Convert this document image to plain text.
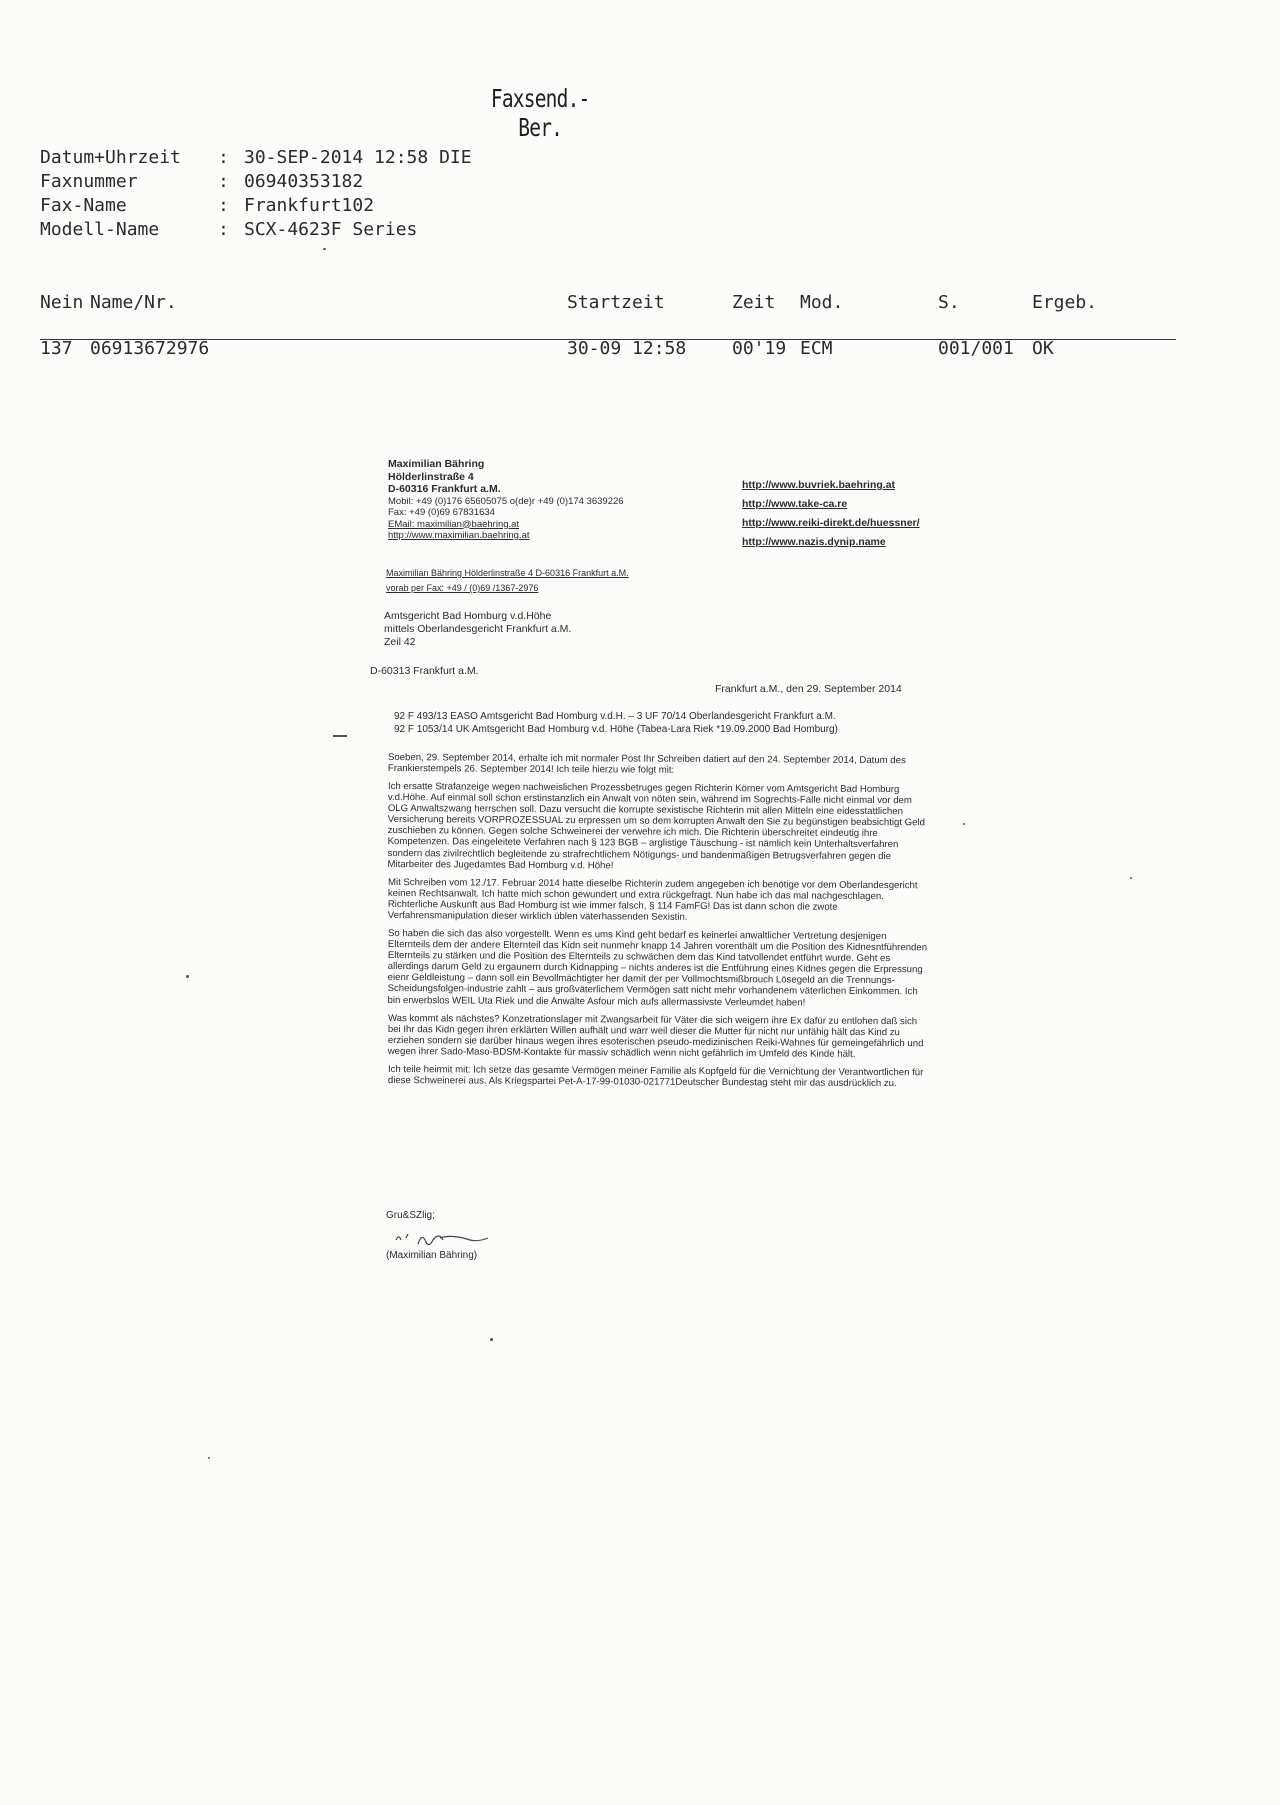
Faxsend.-Ber.
Datum+Uhrzeit	: 30-SEP-2014 12:58 DIE
Faxnummer	: 06940353182
Fax-Name	: Frankfurt102
Modell-Name	: SCX-4623F Series
Nein Name/Nr.	Startzeit	Zeit Mod.	S.	Ergeb.
137 06913672976	30-09 12:58	00'19 ECM	001/001 OK
Maximilian Bähring
Hölderlinstraße 4
D-60316 Frankfurt a.M.
Mobil: +49 (0)176 65605075 o(de)r +49 (0)174 3639226
Fax: +49 (0)69 67831634
EMail: maximilian@baehring.at
http://www.maximilian.baehring.at
http://www.buvriek.baehring.at
http://www.take-ca.re
http://www.reiki-direkt.de/huessner/
http://www.nazis.dynip.name
Maximilian Bähring Hölderlinstraße 4 D-60316 Frankfurt a.M.
vorab per Fax: +49 / (0)69 /1367-2976
Amtsgericht Bad Homburg v.d.Höhe
mittels Oberlandesgericht Frankfurt a.M.
Zeil 42
D-60313 Frankfurt a.M.
Frankfurt a.M., den 29. September 2014
92 F 493/13 EASO Amtsgericht Bad Homburg v.d.H. – 3 UF 70/14 Oberlandesgericht Frankfurt a.M.
92 F 1053/14 UK Amtsgericht Bad Homburg v.d. Höhe (Tabea-Lara Riek *19.09.2000 Bad Homburg)

Soeben, 29. September 2014, erhalte ich mit normaler Post Ihr Schreiben datiert auf den 24. September 2014, Datum des Frankierstempels 26. September 2014! Ich teile hierzu wie folgt mit:

Ich ersatte Strafanzeige wegen nachweislichen Prozessbetruges gegen Richterin Körner vom Amtsgericht Bad Homburg v.d.Höhe. Auf einmal soll schon erstinstanzlich ein Anwalt von nöten sein, während im Sogrechts-Falle nicht einmal vor dem OLG Anwaltszwang herrschen soll. Dazu versucht die korrupte sexistische Richterin mit allen Mitteln eine eidesstattlichen Versicherung bereits VORPROZESSUAL zu erpressen um so dem korrupten Anwalt den Sie zu begünstigen beabsichtigt Geld zuschieben zu können. Gegen solche Schweinerei der verwehre ich mich. Die Richterin überschreitet eindeutig ihre Kompetenzen. Das eingeleitete Verfahren nach § 123 BGB – arglistige Täuschung - ist nämlich kein Unterhaltsverfahren sondern das zivilrechtlich begleitende zu strafrechtlichem Nötigungs- und bandenmäßigen Betrugsverfahren gegen die Mitarbeiter des Jugedamtes Bad Homburg v.d. Höhe!

Mit Schreiben vom 12./17. Februar 2014 hatte dieselbe Richterin zudem angegeben ich benötige vor dem Oberlandesgericht keinen Rechtsanwalt. Ich hatte mich schon gewundert und extra rückgefragt. Nun habe ich das mal nachgeschlagen. Richterliche Auskunft aus Bad Homburg ist wie immer falsch, § 114 FamFG! Das ist dann schon die zwote Verfahrensmanipulation dieser wirklich üblen väterhassenden Sexistin.

So haben die sich das also vorgestellt. Wenn es ums Kind geht bedarf es keinerlei anwaltlicher Vertretung desjenigen Elternteils dem der andere Elternteil das Kidn seit nunmehr knapp 14 Jahren vorenthält um die Position des Kidnesntführenden Elternteils zu stärken und die Position des Elternteils zu schwächen dem das Kind tatvollendet entführt wurde. Geht es allerdings darum Geld zu ergaunern durch Kidnapping – nichts anderes ist die Entführung eines Kidnes gegen die Erpressung eienr Geldleistung – dann soll ein Bevollmächtigter her damit der per Vollmochtsmißbrouch Lösegeld an die Trennungs- Scheidungsfolgen-industrie zahlt – aus großväterlichem Vermögen satt nicht mehr vorhandenem väterlichen Einkommen. Ich bin erwerbslos WEIL Uta Riek und die Anwälte Asfour mich aufs allermassivste Verleumdet haben!

Was kommt als nächstes? Konzetrationslager mit Zwangsarbeit für Väter die sich weigern ihre Ex dafür zu entlohen daß sich bei Ihr das Kidn gegen ihren erklärten Willen aufhält und warr weil dieser die Mutter für nicht nur unfähig hält das Kind zu erziehen sondern sie darüber hinaus wegen ihres esoterischen pseudo-medizinischen Reiki-Wahnes für gemeingefährlich und wegen ihrer Sado-Maso-BDSM-Kontakte für massiv schädlich wenn nicht gefährlich im Umfeld des Kinde hält.

Ich teile heirmit mit: Ich setze das gesamte Vermögen meiner Familie als Kopfgeld für die Vernichtung der Verantwortlichen für diese Schweinerei aus. Als Kriegspartei Pet-A-17-99-01030-021771Deutscher Bundestag steht mir das ausdrücklich zu.

Gru&SZlig;
(Maximilian Bähring)
